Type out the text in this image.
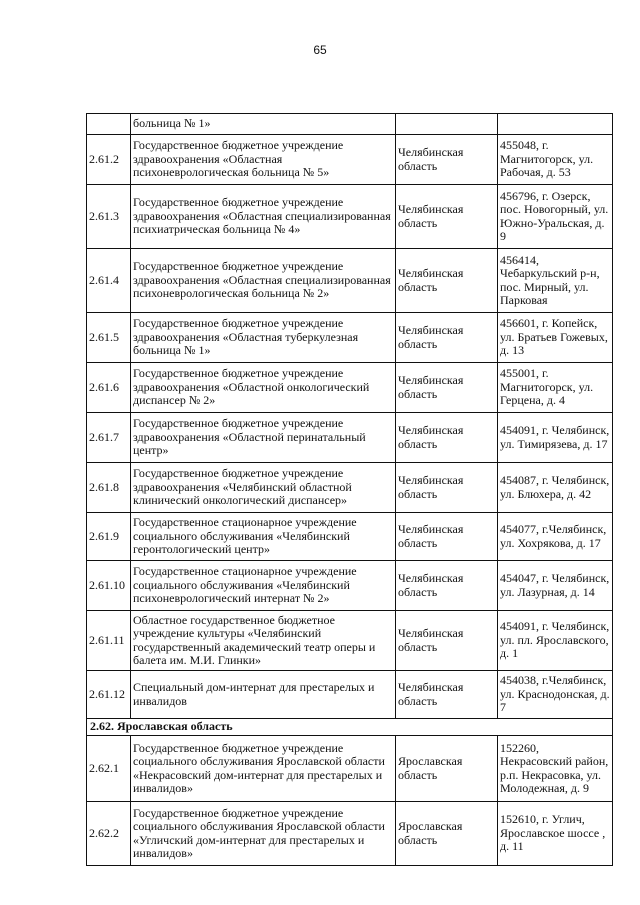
65
	больница № 1»		
2.61.2	Государственное бюджетное учреждение здравоохранения «Областная психоневрологическая больница № 5»	Челябинская область	455048, г. Магнитогорск, ул. Рабочая, д. 53
2.61.3	Государственное бюджетное учреждение здравоохранения «Областная специализированная психиатрическая больница № 4»	Челябинская область	456796, г. Озерск, пос. Новогорный, ул. Южно-Уральская, д. 9
2.61.4	Государственное бюджетное учреждение здравоохранения «Областная специализированная психоневрологическая больница № 2»	Челябинская область	456414, Чебаркульский р-н, пос. Мирный, ул. Парковая
2.61.5	Государственное бюджетное учреждение здравоохранения «Областная туберкулезная больница № 1»	Челябинская область	456601, г. Копейск, ул. Братьев Гожевых, д. 13
2.61.6	Государственное бюджетное учреждение здравоохранения «Областной онкологический диспансер № 2»	Челябинская область	455001, г. Магнитогорск, ул. Герцена, д. 4
2.61.7	Государственное бюджетное учреждение здравоохранения «Областной перинатальный центр»	Челябинская область	454091, г. Челябинск, ул. Тимирязева, д. 17
2.61.8	Государственное бюджетное учреждение здравоохранения «Челябинский областной клинический онкологический диспансер»	Челябинская область	454087, г. Челябинск, ул. Блюхера, д. 42
2.61.9	Государственное стационарное учреждение социального обслуживания «Челябинский геронтологический центр»	Челябинская область	454077, г.Челябинск, ул. Хохрякова, д. 17
2.61.10	Государственное стационарное учреждение социального обслуживания «Челябинский психоневрологический интернат № 2»	Челябинская область	454047, г. Челябинск, ул. Лазурная, д. 14
2.61.11	Областное государственное бюджетное учреждение культуры «Челябинский государственный академический театр оперы и балета им. М.И. Глинки»	Челябинская область	454091, г. Челябинск, ул. пл. Ярославского, д. 1
2.61.12	Специальный дом-интернат для престарелых и инвалидов	Челябинская область	454038, г.Челябинск, ул. Краснодонская, д. 7
2.62. Ярославская область			
2.62.1	Государственное бюджетное учреждение социального обслуживания Ярославской области «Некрасовский дом-интернат для престарелых и инвалидов»	Ярославская область	152260, Некрасовский район, р.п. Некрасовка, ул. Молодежная, д. 9
2.62.2	Государственное бюджетное учреждение социального обслуживания Ярославской области «Угличский дом-интернат для престарелых и инвалидов»	Ярославская область	152610, г. Углич, Ярославское шоссе , д. 11
